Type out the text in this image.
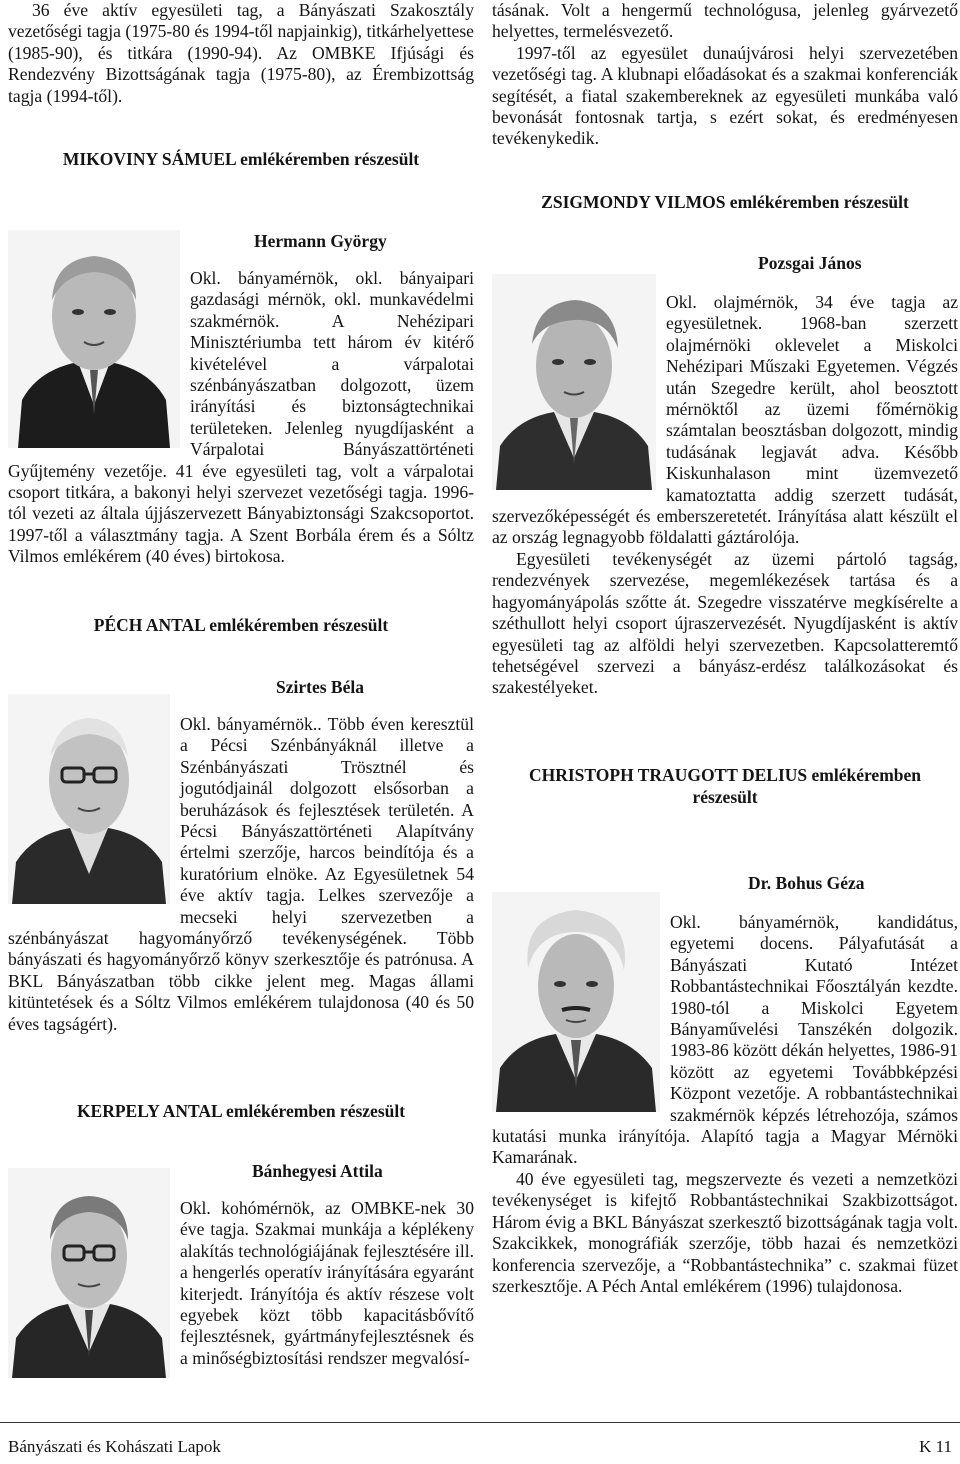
36 éve aktív egyesületi tag, a Bányászati Szakosztály vezetőségi tagja (1975-80 és 1994-től napjainkig), titkárhelyettese (1985-90), és titkára (1990-94). Az OMBKE Ifjúsági és Rendezvény Bizottságának tagja (1975-80), az Érembizottság tagja (1994-től).

MIKOVINY SÁMUEL emlékéremben részesült
Hermann György

Okl. bányamérnök, okl. bányaipari gazdasági mérnök, okl. munkavédelmi szakmérnök. A Nehézipari Minisztériumba tett három év kitérő kivételével a várpalotai szénbányászatban dolgozott, üzem irányítási és biztonságtechnikai területeken. Jelenleg nyugdíjasként a Várpalotai Bányászattörténeti Gyűjtemény vezetője. 41 éve egyesületi tag, volt a várpalotai csoport titkára, a bakonyi helyi szervezet vezetőségi tagja. 1996-tól vezeti az általa újjászervezett Bányabiztonsági Szakcsoportot. 1997-től a választmány tagja. A Szent Borbála érem és a Sóltz Vilmos emlékérem (40 éves) birtokosa.

PÉCH ANTAL emlékéremben részesült
Szirtes Béla

Okl. bányamérnök.. Több éven keresztül a Pécsi Szénbányáknál illetve a Szénbányászati Trösztnél és jogutódjainál dolgozott elsősorban a beruházások és fejlesztések területén. A Pécsi Bányászattörténeti Alapítvány értelmi szerzője, harcos beindítója és a kuratórium elnöke. Az Egyesületnek 54 éve aktív tagja. Lelkes szervezője a mecseki helyi szervezetben a szénbányászat hagyományőrző tevékenységének. Több bányászati és hagyományőrző könyv szerkesztője és patrónusa. A BKL Bányászatban több cikke jelent meg. Magas állami kitüntetések és a Sóltz Vilmos emlékérem tulajdonosa (40 és 50 éves tagságért).

KERPELY ANTAL emlékéremben részesült
Bánhegyesi Attila

Okl. kohómérnök, az OMBKE-nek 30 éve tagja. Szakmai munkája a képlékeny alakítás technológiájának fejlesztésére ill. a hengerlés operatív irányítására egyaránt kiterjedt. Irányítója és aktív részese volt egyebek közt több kapacitásbővítő fejlesztésnek, gyártmányfejlesztésnek és a minőségbiztosítási rendszer megvalósí-

tásának. Volt a hengermű technológusa, jelenleg gyárvezető helyettes, termelésvezető.

1997-től az egyesület dunaújvárosi helyi szervezetében vezetőségi tag. A klubnapi előadásokat és a szakmai konferenciák segítését, a fiatal szakembereknek az egyesületi munkába való bevonását fontosnak tartja, s ezért sokat, és eredményesen tevékenykedik.

ZSIGMONDY VILMOS emlékéremben részesült
Pozsgai János

Okl. olajmérnök, 34 éve tagja az egyesületnek. 1968-ban szerzett olajmérnöki oklevelet a Miskolci Nehézipari Műszaki Egyetemen. Végzés után Szegedre került, ahol beosztott mérnöktől az üzemi főmérnökig számtalan beosztásban dolgozott, mindig tudásának legjavát adva. Később Kiskunhalason mint üzemvezető kamatoztatta addig szerzett tudását, szervezőképességét és emberszeretetét. Irányítása alatt készült el az ország legnagyobb földalatti gáztárolója.

Egyesületi tevékenységét az üzemi pártoló tagság, rendezvények szervezése, megemlékezések tartása és a hagyományápolás szőtte át. Szegedre visszatérve megkísérelte a széthullott helyi csoport újraszervezését. Nyugdíjasként is aktív egyesületi tag az alföldi helyi szervezetben. Kapcsolatteremtő tehetségével szervezi a bányász-erdész találkozásokat és szakestélyeket.

CHRISTOPH TRAUGOTT DELIUS emlékéremben
részesült
Dr. Bohus Géza

Okl. bányamérnök, kandidátus, egyetemi docens. Pályafutását a Bányászati Kutató Intézet Robbantástechnikai Főosztályán kezdte. 1980-tól a Miskolci Egyetem Bányaművelési Tanszékén dolgozik. 1983-86 között dékán helyettes, 1986-91 között az egyetemi Továbbképzési Központ vezetője. A robbantástechnikai szakmérnök képzés létrehozója, számos kutatási munka irányítója. Alapító tagja a Magyar Mérnöki Kamarának.

40 éve egyesületi tag, megszervezte és vezeti a nemzetközi tevékenységet is kifejtő Robbantástechnikai Szakbizottságot. Három évig a BKL Bányászat szerkesztő bizottságának tagja volt. Szakcikkek, monográfiák szerzője, több hazai és nemzetközi konferencia szervezője, a “Robbantástechnika” c. szakmai füzet szerkesztője. A Péch Antal emlékérem (1996) tulajdonosa.

Bányászati és Kohászati Lapok	K 11
